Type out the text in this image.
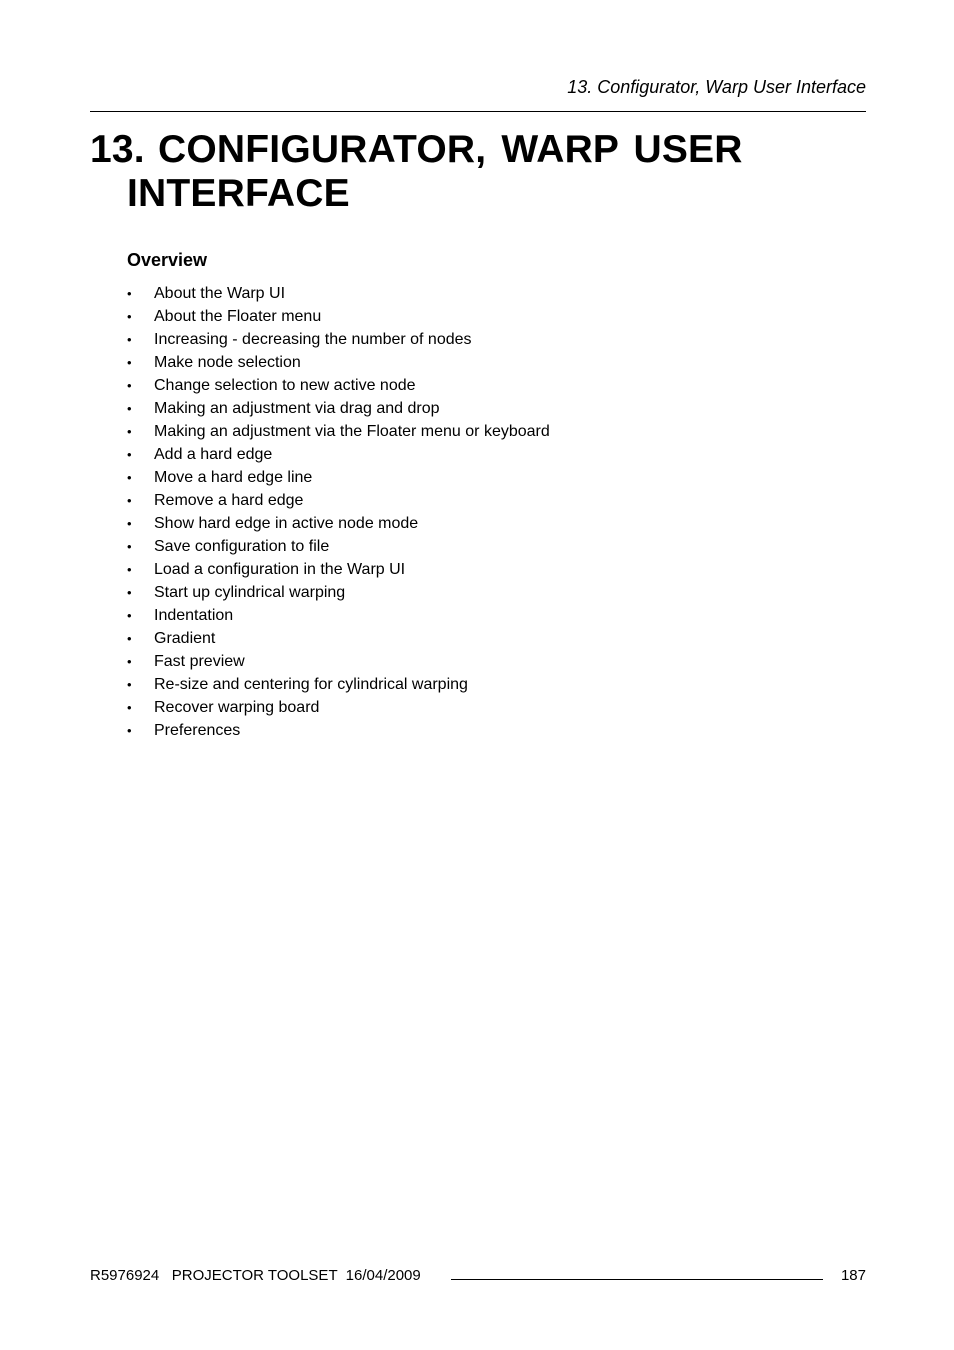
13. Configurator, Warp User Interface
13. CONFIGURATOR, WARP USER
INTERFACE
Overview
• About the Warp UI
• About the Floater menu
• Increasing - decreasing the number of nodes
• Make node selection
• Change selection to new active node
• Making an adjustment via drag and drop
• Making an adjustment via the Floater menu or keyboard
• Add a hard edge
• Move a hard edge line
• Remove a hard edge
• Show hard edge in active node mode
• Save configuration to file
• Load a configuration in the Warp UI
• Start up cylindrical warping
• Indentation
• Gradient
• Fast preview
• Re-size and centering for cylindrical warping
• Recover warping board
• Preferences
R5976924   PROJECTOR TOOLSET  16/04/2009	187
